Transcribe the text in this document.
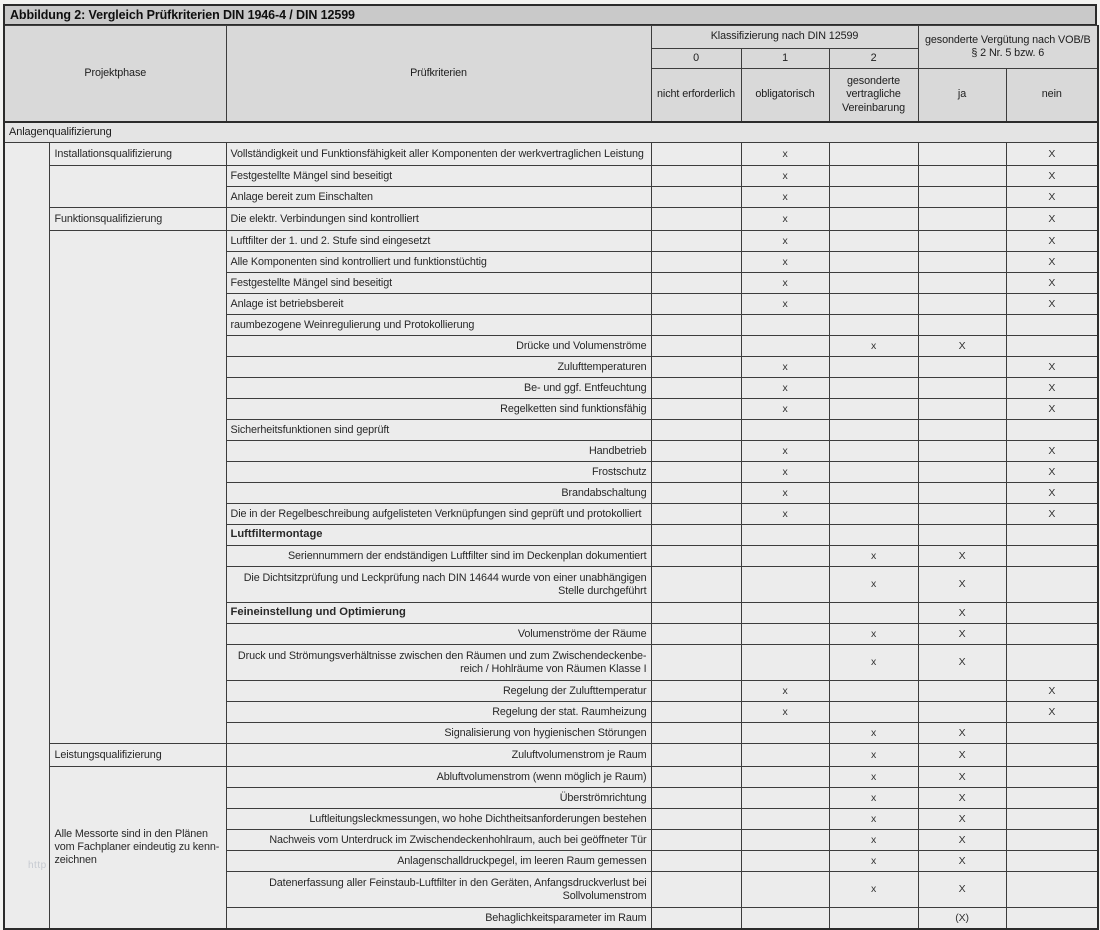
Abbildung 2: Vergleich Prüfkriterien DIN 1946-4 / DIN 12599
Projektphase		Prüfkriterien	Klassifizierung nach DIN 12599			gesonderte Vergütung nach VOB/B § 2 Nr. 5 bzw. 6	
			0	1	2		
			nicht erforderlich	obligatorisch	gesonderte vertragliche Vereinbarung	ja	nein
Anlagenqualifizierung							
	Installationsqualifizierung	Vollständigkeit und Funktionsfähigkeit aller Komponenten der werkvertraglichen Leistung		x			X
		Festgestellte Mängel sind beseitigt		x			X
		Anlage bereit zum Einschalten		x			X
	Funktionsqualifizierung	Die elektr. Verbindungen sind kontrolliert		x			X
		Luftfilter der 1. und 2. Stufe sind eingesetzt		x			X
		Alle Komponenten sind kontrolliert und funktionstüchtig		x			X
		Festgestellte Mängel sind beseitigt		x			X
		Anlage ist betriebsbereit		x			X
		raumbezogene Weinregulierung und Protokollierung					
		Drücke und Volumenströme			x	X	
		Zulufttemperaturen		x			X
		Be- und ggf. Entfeuchtung		x			X
		Regelketten sind funktionsfähig		x			X
		Sicherheitsfunktionen sind geprüft					
		Handbetrieb		x			X
		Frostschutz		x			X
		Brandabschaltung		x			X
		Die in der Regelbeschreibung aufgelisteten Verknüpfungen sind geprüft und protokolliert		x			X
		Luftfiltermontage					
		Seriennummern der endständigen Luftfilter sind im Deckenplan dokumentiert			x	X	
		Die Dichtsitzprüfung und Leckprüfung nach DIN 14644 wurde von einer unabhängigen Stelle durchgeführt			x	X	
		Feineinstellung und Optimierung				X	
		Volumenströme der Räume			x	X	
		Druck und Strömungsverhältnisse zwischen den Räumen und zum Zwischendeckenbereich / Hohlräume von Räumen Klasse I			x	X	
		Regelung der Zulufttemperatur		x			X
		Regelung der stat. Raumheizung		x			X
		Signalisierung von hygienischen Störungen			x	X	
	Leistungsqualifizierung	Zuluftvolumenstrom je Raum			x	X	
	Alle Messorte sind in den Plänen vom Fachplaner eindeutig zu kennzeichnen	Abluftvolumenstrom (wenn möglich je Raum)			x	X	
		Überströmrichtung			x	X	
		Luftleitungsleckmessungen, wo hohe Dichtheitsanforderungen bestehen			x	X	
		Nachweis vom Unterdruck im Zwischendeckenhohlraum, auch bei geöffneter Tür			x	X	
		Anlagenschalldruckpegel, im leeren Raum gemessen			x	X	
		Datenerfassung aller Feinstaub-Luftfilter in den Geräten, Anfangsdruckverlust bei Sollvolumenstrom			x	X	
		Behaglichkeitsparameter im Raum				(X)	
http
